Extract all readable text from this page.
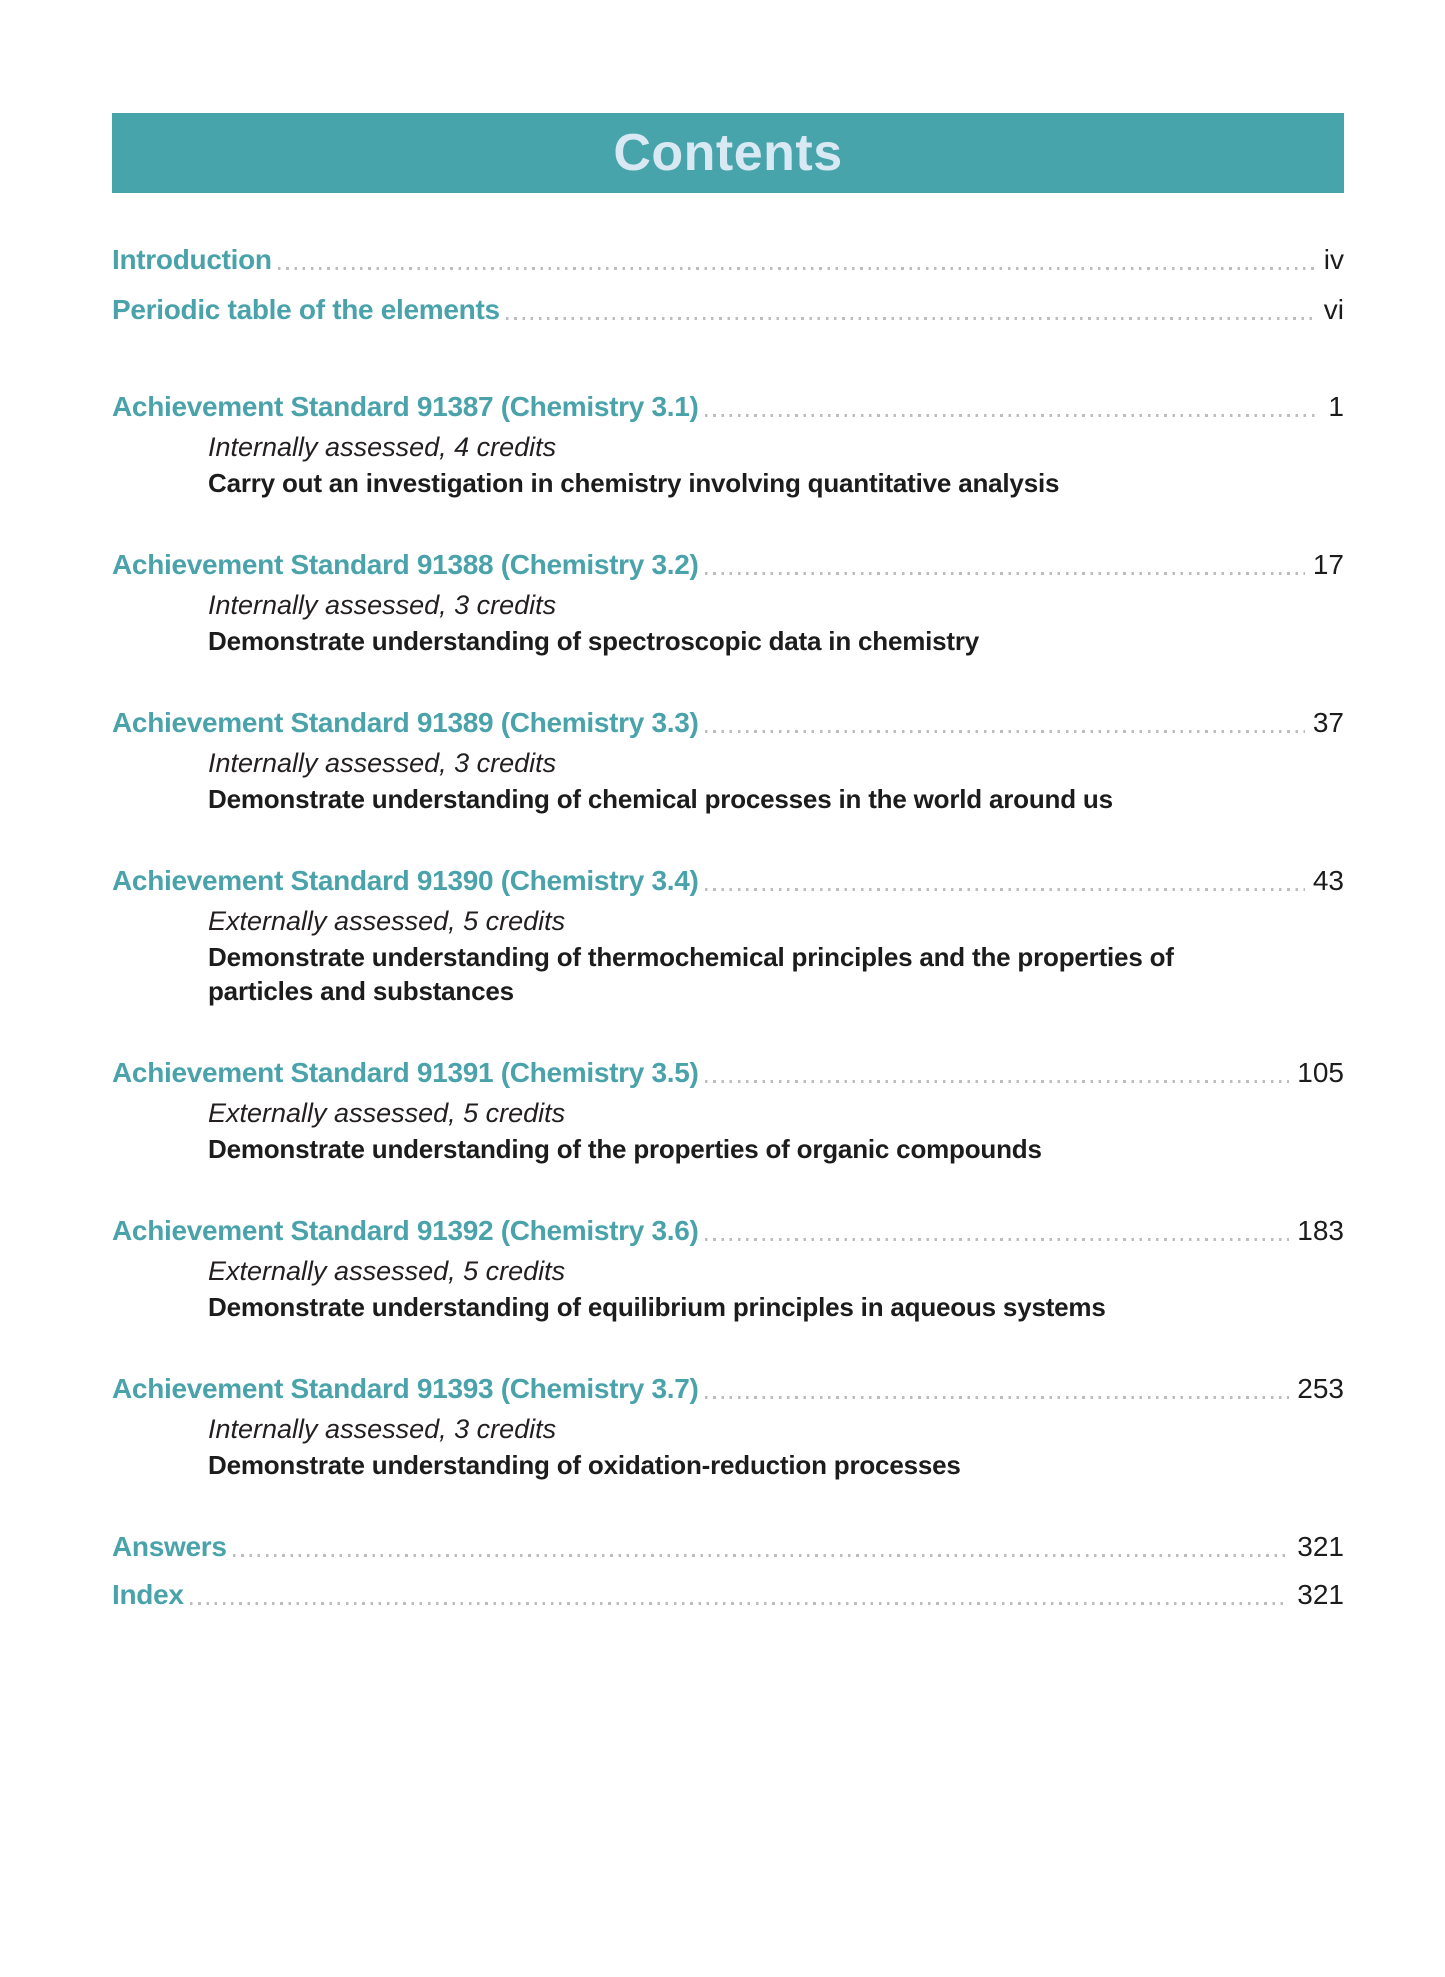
Contents
Introduction	iv
Periodic table of the elements	vi
Achievement Standard 91387 (Chemistry 3.1)	1
Internally assessed, 4 credits
Carry out an investigation in chemistry involving quantitative analysis
Achievement Standard 91388 (Chemistry 3.2)	17
Internally assessed, 3 credits
Demonstrate understanding of spectroscopic data in chemistry
Achievement Standard 91389 (Chemistry 3.3)	37
Internally assessed, 3 credits
Demonstrate understanding of chemical processes in the world around us
Achievement Standard 91390 (Chemistry 3.4)	43
Externally assessed, 5 credits
Demonstrate understanding of thermochemical principles and the properties of particles and substances
Achievement Standard 91391 (Chemistry 3.5)	105
Externally assessed, 5 credits
Demonstrate understanding of the properties of organic compounds
Achievement Standard 91392 (Chemistry 3.6)	183
Externally assessed, 5 credits
Demonstrate understanding of equilibrium principles in aqueous systems
Achievement Standard 91393 (Chemistry 3.7)	253
Internally assessed, 3 credits
Demonstrate understanding of oxidation-reduction processes
Answers	321
Index	321
